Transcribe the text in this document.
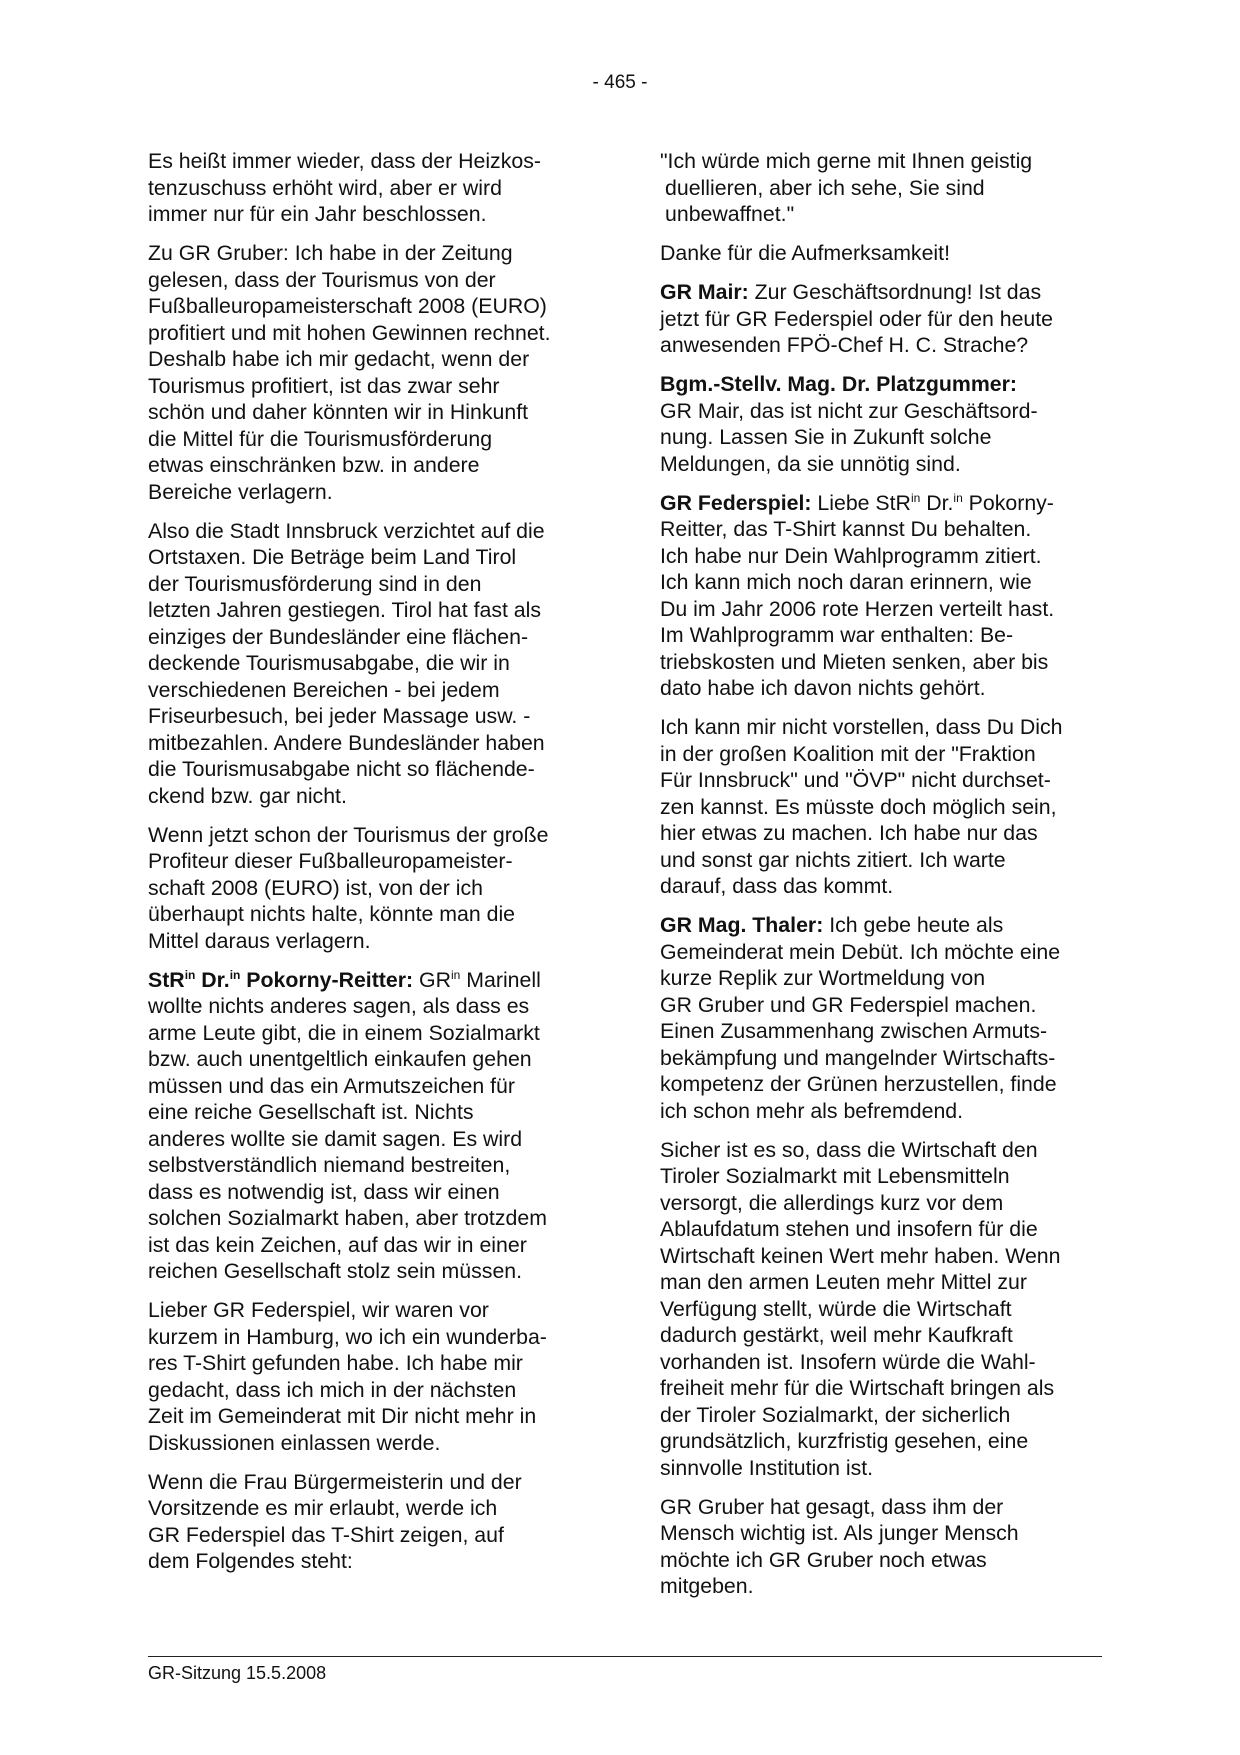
- 465 -

Es heißt immer wieder, dass der Heizkos-
tenzuschuss erhöht wird, aber er wird
immer nur für ein Jahr beschlossen.

Zu GR Gruber: Ich habe in der Zeitung
gelesen, dass der Tourismus von der
Fußballeuropameisterschaft 2008 (EURO)
profitiert und mit hohen Gewinnen rechnet.
Deshalb habe ich mir gedacht, wenn der
Tourismus profitiert, ist das zwar sehr
schön und daher könnten wir in Hinkunft
die Mittel für die Tourismusförderung
etwas einschränken bzw. in andere
Bereiche verlagern.

Also die Stadt Innsbruck verzichtet auf die
Ortstaxen. Die Beträge beim Land Tirol
der Tourismusförderung sind in den
letzten Jahren gestiegen. Tirol hat fast als
einziges der Bundesländer eine flächen-
deckende Tourismusabgabe, die wir in
verschiedenen Bereichen - bei jedem
Friseurbesuch, bei jeder Massage usw. -
mitbezahlen. Andere Bundesländer haben
die Tourismusabgabe nicht so flächende-
ckend bzw. gar nicht.

Wenn jetzt schon der Tourismus der große
Profiteur dieser Fußballeuropameister-
schaft 2008 (EURO) ist, von der ich
überhaupt nichts halte, könnte man die
Mittel daraus verlagern.

StR$^{in}$ Dr.$^{in}$ Pokorny-Reitter: $GR^{in}$ Marinell
wollte nichts anderes sagen, als dass es
arme Leute gibt, die in einem Sozialmarkt
bzw. auch unentgeltlich einkaufen gehen
müssen und das ein Armutszeichen für
eine reiche Gesellschaft ist. Nichts
anderes wollte sie damit sagen. Es wird
selbstverständlich niemand bestreiten,
dass es notwendig ist, dass wir einen
solchen Sozialmarkt haben, aber trotzdem
ist das kein Zeichen, auf das wir in einer
reichen Gesellschaft stolz sein müssen.

Lieber GR Federspiel, wir waren vor
kurzem in Hamburg, wo ich ein wunderba-
res T-Shirt gefunden habe. Ich habe mir
gedacht, dass ich mich in der nächsten
Zeit im Gemeinderat mit Dir nicht mehr in
Diskussionen einlassen werde.

Wenn die Frau Bürgermeisterin und der
Vorsitzende es mir erlaubt, werde ich
GR Federspiel das T-Shirt zeigen, auf
dem Folgendes steht:

"Ich würde mich gerne mit Ihnen geistig
duellieren, aber ich sehe, Sie sind
unbewaffnet."

Danke für die Aufmerksamkeit!

GR Mair: Zur Geschäftsordnung! Ist das
jetzt für GR Federspiel oder für den heute
anwesenden FPÖ-Chef H. C. Strache?

Bgm.-Stellv. Mag. Dr. Platzgummer:
GR Mair, das ist nicht zur Geschäftsord-
nung. Lassen Sie in Zukunft solche
Meldungen, da sie unnötig sind.

GR Federspiel: Liebe StR$^{in}$ Dr.$^{in}$ Pokorny-
Reitter, das T-Shirt kannst Du behalten.
Ich habe nur Dein Wahlprogramm zitiert.
Ich kann mich noch daran erinnern, wie
Du im Jahr 2006 rote Herzen verteilt hast.
Im Wahlprogramm war enthalten: Be-
triebskosten und Mieten senken, aber bis
dato habe ich davon nichts gehört.

Ich kann mir nicht vorstellen, dass Du Dich
in der großen Koalition mit der "Fraktion
Für Innsbruck" und "ÖVP" nicht durchset-
zen kannst. Es müsste doch möglich sein,
hier etwas zu machen. Ich habe nur das
und sonst gar nichts zitiert. Ich warte
darauf, dass das kommt.

GR Mag. Thaler: Ich gebe heute als
Gemeinderat mein Debüt. Ich möchte eine
kurze Replik zur Wortmeldung von
GR Gruber und GR Federspiel machen.
Einen Zusammenhang zwischen Armuts-
bekämpfung und mangelnder Wirtschafts-
kompetenz der Grünen herzustellen, finde
ich schon mehr als befremdend.

Sicher ist es so, dass die Wirtschaft den
Tiroler Sozialmarkt mit Lebensmitteln
versorgt, die allerdings kurz vor dem
Ablaufdatum stehen und insofern für die
Wirtschaft keinen Wert mehr haben. Wenn
man den armen Leuten mehr Mittel zur
Verfügung stellt, würde die Wirtschaft
dadurch gestärkt, weil mehr Kaufkraft
vorhanden ist. Insofern würde die Wahl-
freiheit mehr für die Wirtschaft bringen als
der Tiroler Sozialmarkt, der sicherlich
grundsätzlich, kurzfristig gesehen, eine
sinnvolle Institution ist.

GR Gruber hat gesagt, dass ihm der
Mensch wichtig ist. Als junger Mensch
möchte ich GR Gruber noch etwas
mitgeben.

GR-Sitzung 15.5.2008
